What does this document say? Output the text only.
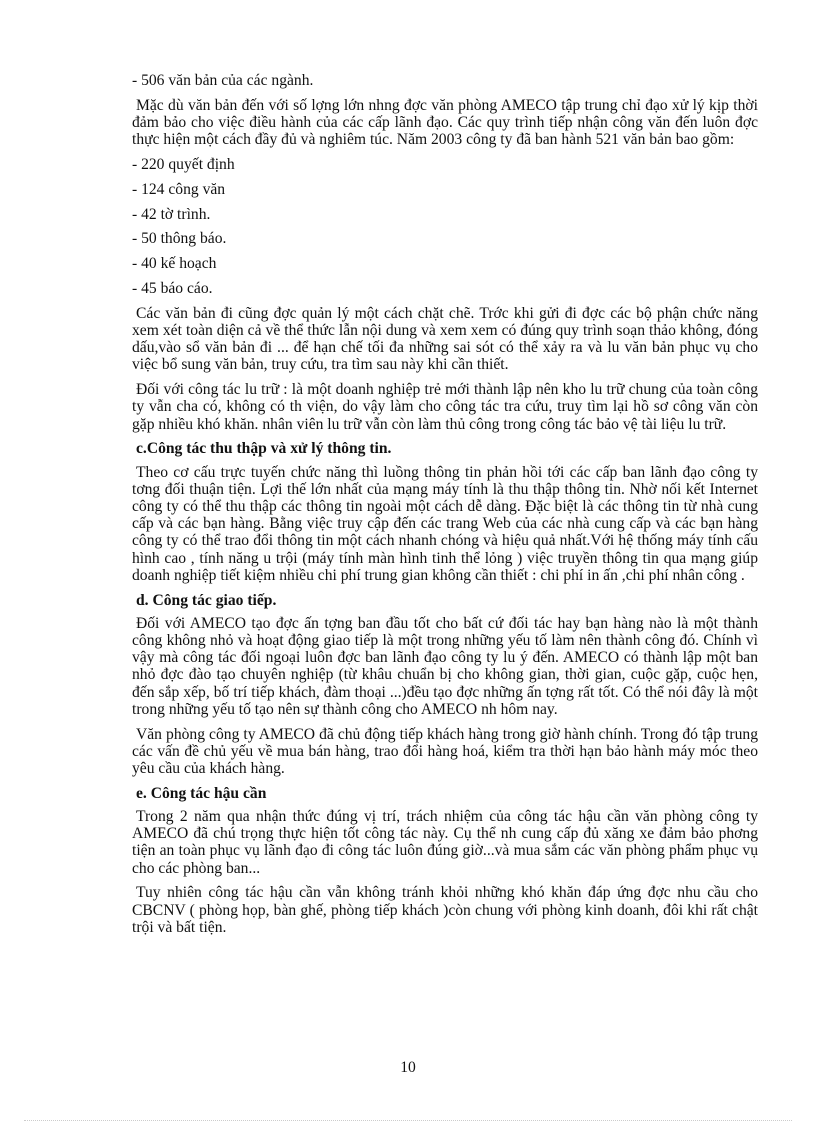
- 506 văn bản của các ngành.
Mặc dù văn bản đến với số lợng lớn nhng đợc văn phòng AMECO tập trung chỉ đạo xử lý kịp thời đảm bảo cho việc điều hành của các cấp lãnh đạo. Các quy trình tiếp nhận công văn đến luôn đợc thực hiện một cách đầy đủ và nghiêm túc. Năm 2003 công ty đã ban hành 521 văn bản bao gồm:
- 220 quyết định
- 124 công văn
- 42 tờ trình.
- 50 thông báo.
- 40 kế hoạch
- 45 báo cáo.
Các văn bản đi cũng đợc quản lý một cách chặt chẽ. Trớc khi gửi đi đợc các bộ phận chức năng xem xét toàn diện cả về thể thức lẫn nội dung và xem xem có đúng quy trình soạn thảo không, đóng dấu,vào sổ văn bản đi ... để hạn chế tối đa những sai sót có thể xảy ra và lu văn bản phục vụ cho việc bổ sung văn bản, truy cứu, tra tìm sau này khi cần thiết.
Đối với công tác lu trữ : là một doanh nghiệp trẻ mới thành lập nên kho lu trữ chung của toàn công ty vẫn cha có, không có th viện, do vậy làm cho công tác tra cứu, truy tìm lại hồ sơ công văn còn gặp nhiều khó khăn. nhân viên lu trữ vẫn còn làm thủ công trong công tác bảo vệ tài liệu lu trữ.
c.Công tác thu thập và xử lý thông tin.
Theo cơ cấu trực tuyến chức năng thì luồng thông tin phản hồi tới các cấp ban lãnh đạo công ty tơng đối thuận tiện. Lợi thế lớn nhất của mạng máy tính là thu thập thông tin. Nhờ nối kết Internet công ty có thể thu thập các thông tin ngoài một cách dễ dàng. Đặc biệt là các thông tin từ nhà cung cấp và các bạn hàng. Bằng việc truy cập đến các trang Web của các nhà cung cấp và các bạn hàng công ty có thể trao đổi thông tin một cách nhanh chóng và hiệu quả nhất.Với hệ thống máy tính cấu hình cao , tính năng u trội (máy tính màn hình tinh thể lỏng ) việc truyền thông tin qua mạng giúp doanh nghiệp tiết kiệm nhiều chi phí trung gian không cần thiết : chi phí in ấn ,chi phí nhân công .
d. Công tác giao tiếp.
Đối với AMECO tạo đợc ấn tợng ban đầu tốt cho bất cứ đối tác hay bạn hàng nào là một thành công không nhỏ và hoạt động giao tiếp là một trong những yếu tố làm nên thành công đó. Chính vì vậy mà công tác đối ngoại luôn đợc ban lãnh đạo công ty lu ý đến. AMECO có thành lập một ban nhỏ đợc đào tạo chuyên nghiệp (từ khâu chuẩn bị cho không gian, thời gian, cuộc gặp, cuộc hẹn, đến sắp xếp, bố trí tiếp khách, đàm thoại ...)đều tạo đợc những ấn tợng rất tốt. Có thể nói đây là một trong những yếu tố tạo nên sự thành công cho AMECO nh hôm nay.
Văn phòng công ty AMECO đã chủ động tiếp khách hàng trong giờ hành chính. Trong đó tập trung các vấn đề chủ yếu về mua bán hàng, trao đổi hàng hoá, kiểm tra thời hạn bảo hành máy móc theo yêu cầu của khách hàng.
e. Công tác hậu cần
Trong 2 năm qua nhận thức đúng vị trí, trách nhiệm của công tác hậu cần văn phòng công ty AMECO đã chú trọng thực hiện tốt công tác này. Cụ thể nh cung cấp đủ xăng xe đảm bảo phơng tiện an toàn phục vụ lãnh đạo đi công tác luôn đúng giờ...và mua sắm các văn phòng phẩm phục vụ cho các phòng ban...
Tuy nhiên công tác hậu cần vẫn không tránh khỏi những khó khăn đáp ứng đợc nhu cầu cho CBCNV ( phòng họp, bàn ghế, phòng tiếp khách )còn chung với phòng kinh doanh, đôi khi rất chật trội và bất tiện.
10
